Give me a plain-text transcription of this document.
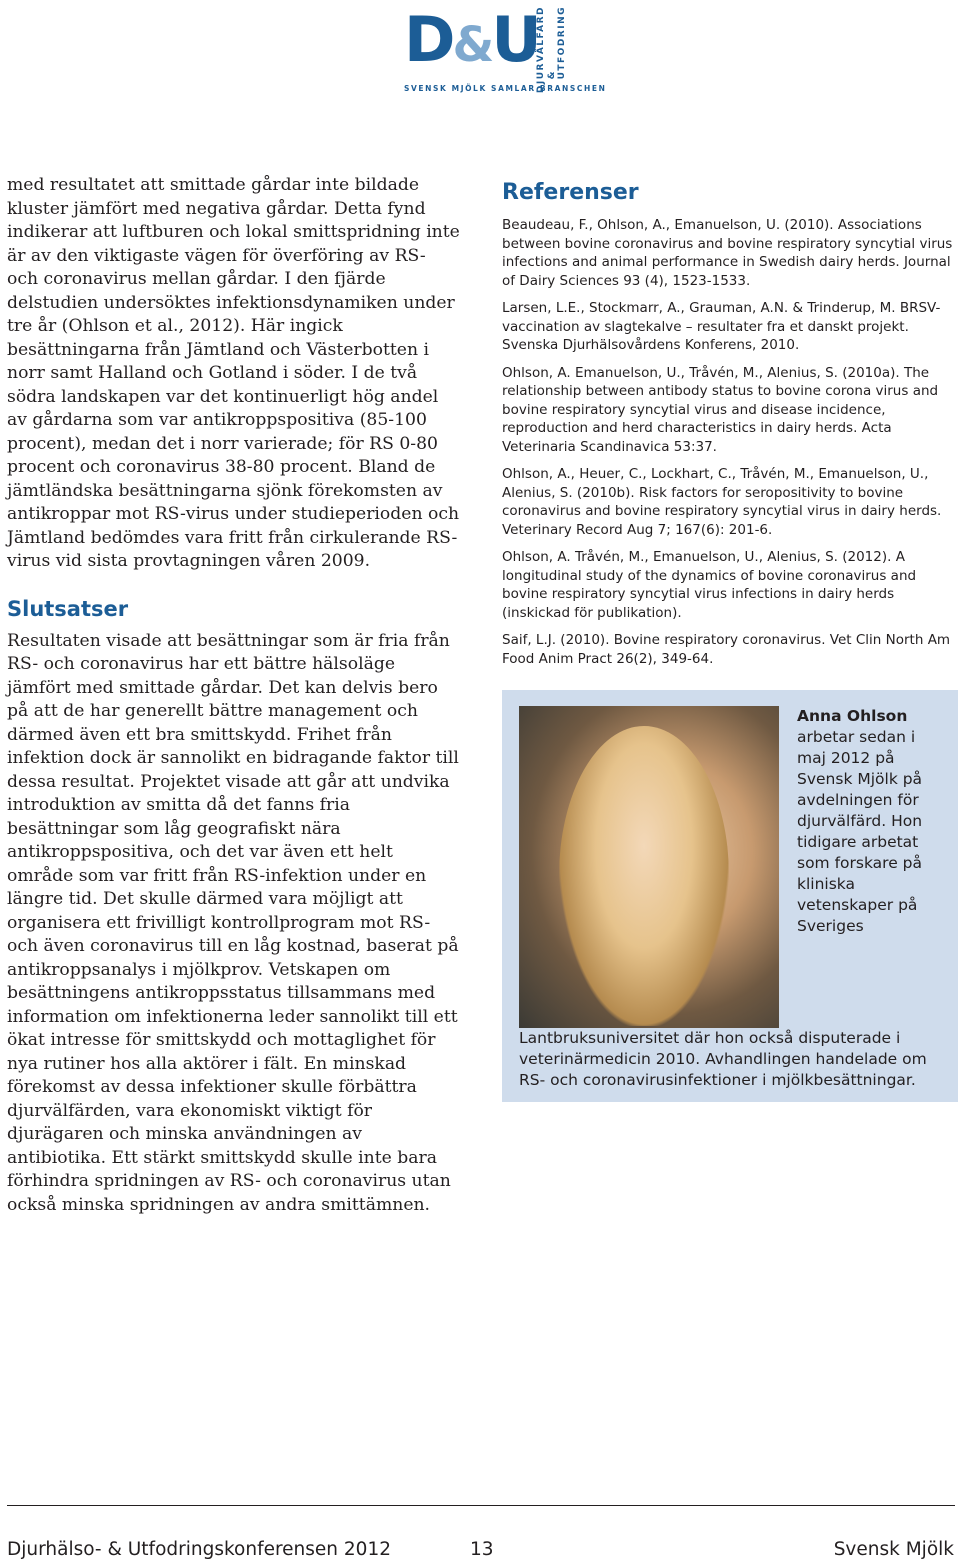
D&U
DJURVÄLFÄRD & UTFODRING
SVENSK MJÖLK SAMLAR BRANSCHEN

med resultatet att smittade gårdar inte bildade kluster jämfört med negativa gårdar. Detta fynd indikerar att luftburen och lokal smittspridning inte är av den viktigaste vägen för överföring av RS- och coronavirus mellan gårdar. I den fjärde delstudien undersöktes infektionsdynamiken under tre år (Ohlson et al., 2012). Här ingick besättningarna från Jämtland och Västerbotten i norr samt Halland och Gotland i söder. I de två södra landskapen var det kontinuerligt hög andel av gårdarna som var antikroppspositiva (85-100 procent), medan det i norr varierade; för RS 0-80 procent och coronavirus 38-80 procent. Bland de jämtländska besättningarna sjönk förekomsten av antikroppar mot RS-virus under studieperioden och Jämtland bedömdes vara fritt från cirkulerande RS-virus vid sista provtagningen våren 2009.

Slutsatser

Resultaten visade att besättningar som är fria från RS- och coronavirus har ett bättre hälsoläge jämfört med smittade gårdar. Det kan delvis bero på att de har generellt bättre management och därmed även ett bra smittskydd. Frihet från infektion dock är sannolikt en bidragande faktor till dessa resultat. Projektet visade att går att undvika introduktion av smitta då det fanns fria besättningar som låg geografiskt nära antikroppspositiva, och det var även ett helt område som var fritt från RS-infektion under en längre tid. Det skulle därmed vara möjligt att organisera ett frivilligt kontrollprogram mot RS- och även coronavirus till en låg kostnad, baserat på antikroppsanalys i mjölkprov. Vetskapen om besättningens antikroppsstatus tillsammans med information om infektionerna leder sannolikt till ett ökat intresse för smittskydd och mottaglighet för nya rutiner hos alla aktörer i fält. En minskad förekomst av dessa infektioner skulle förbättra djurvälfärden, vara ekonomiskt viktigt för djurägaren och minska användningen av antibiotika. Ett stärkt smittskydd skulle inte bara förhindra spridningen av RS- och coronavirus utan också minska spridningen av andra smittämnen.

Referenser

Beaudeau, F., Ohlson, A., Emanuelson, U. (2010). Associations between bovine coronavirus and bovine respiratory syncytial virus infections and animal performance in Swedish dairy herds. Journal of Dairy Sciences 93 (4), 1523-1533.

Larsen, L.E., Stockmarr, A., Grauman, A.N. & Trinderup, M. BRSV-vaccination av slagtekalve – resultater fra et danskt projekt. Svenska Djurhälsovårdens Konferens, 2010.

Ohlson, A. Emanuelson, U., Tråvén, M., Alenius, S. (2010a). The relationship between antibody status to bovine corona virus and bovine respiratory syncytial virus and disease incidence, reproduction and herd characteristics in dairy herds. Acta Veterinaria Scandinavica 53:37.

Ohlson, A., Heuer, C., Lockhart, C., Tråvén, M., Emanuelson, U., Alenius, S. (2010b). Risk factors for seropositivity to bovine coronavirus and bovine respiratory syncytial virus in dairy herds. Veterinary Record Aug 7; 167(6): 201-6.

Ohlson, A. Tråvén, M., Emanuelson, U., Alenius, S. (2012). A longitudinal study of the dynamics of bovine coronavirus and bovine respiratory syncytial virus infections in dairy herds (inskickad för publikation).

Saif, L.J. (2010). Bovine respiratory coronavirus. Vet Clin North Am Food Anim Pract 26(2), 349-64.

Anna Ohlson
arbetar sedan i maj 2012 på Svensk Mjölk på avdelningen för djurvälfärd. Hon tidigare arbetat som forskare på kliniska vetenskaper på Sveriges Lantbruksuniversitet där hon också disputerade i veterinärmedicin 2010. Avhandlingen handelade om RS- och coronavirusinfektioner i mjölkbesättningar.
Djurhälso- & Utfodringskonferensen 2012	13	Svensk Mjölk
